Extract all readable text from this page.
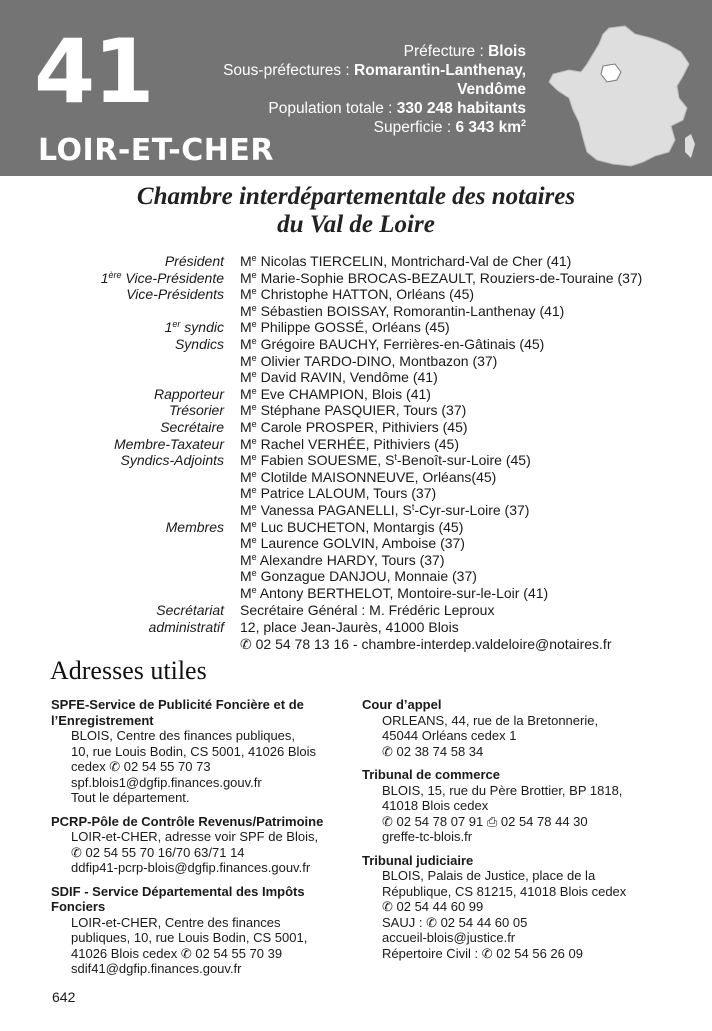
41
LOIR-ET-CHER
Préfecture : Blois
Sous-préfectures : Romarantin-Lanthenay,
Vendôme
Population totale : 330 248 habitants
Superficie : 6 343 $km^2$
Chambre interdépartementale des notaires
du Val de Loire
Président	Me Nicolas TIERCELIN, Montrichard-Val de Cher (41)
1ère Vice-Présidente	Me Marie-Sophie BROCAS-BEZAULT, Rouziers-de-Touraine (37)
Vice-Présidents	Me Christophe HATTON, Orléans (45)
Me Sébastien BOISSAY, Romorantin-Lanthenay (41)
1er syndic	Me Philippe GOSSÉ, Orléans (45)
Syndics	Me Grégoire BAUCHY, Ferrières-en-Gâtinais (45)
Me Olivier TARDO-DINO, Montbazon (37)
Me David RAVIN, Vendôme (41)
Rapporteur	Me Eve CHAMPION, Blois (41)
Trésorier	Me Stéphane PASQUIER, Tours (37)
Secrétaire	Me Carole PROSPER, Pithiviers (45)
Membre-Taxateur	Me Rachel VERHÉE, Pithiviers (45)
Syndics-Adjoints	Me Fabien SOUESME, $S^t-Benoît-sur$-Loire (45)
Me Clotilde MAISONNEUVE, Orléans(45)
Me Patrice LALOUM, Tours (37)
Me Vanessa PAGANELLI, $S^t-Cyr-sur$-Loire (37)
Membres	Me Luc BUCHETON, Montargis (45)
Me Laurence GOLVIN, Amboise (37)
Me Alexandre HARDY, Tours (37)
Me Gonzague DANJOU, Monnaie (37)
Me Antony BERTHELOT, Montoire-sur-le-Loir (41)
Secrétariat	Secrétaire Général : M. Frédéric Leproux
administratif	12, place Jean-Jaurès, 41000 Blois
✆ 02 54 78 13 16 - chambre-interdep.valdeloire@notaires.fr
Adresses utiles
SPFE-Service de Publicité Foncière et de
l’Enregistrement
BLOIS, Centre des finances publiques,
10, rue Louis Bodin, CS 5001, 41026 Blois
cedex ✆ 02 54 55 70 73
spf.blois1@dgfip.finances.gouv.fr
Tout le département.
PCRP-Pôle de Contrôle Revenus/Patrimoine
LOIR-et-CHER, adresse voir SPF de Blois,
✆ 02 54 55 70 16/70 63/71 14
ddfip41-pcrp-blois@dgfip.finances.gouv.fr
SDIF - Service Départemental des Impôts
Fonciers
LOIR-et-CHER, Centre des finances
publiques, 10, rue Louis Bodin, CS 5001,
41026 Blois cedex ✆ 02 54 55 70 39
sdif41@dgfip.finances.gouv.fr
Cour d’appel
ORLEANS, 44, rue de la Bretonnerie,
45044 Orléans cedex 1
✆ 02 38 74 58 34
Tribunal de commerce
BLOIS, 15, rue du Père Brottier, BP 1818,
41018 Blois cedex
✆ 02 54 78 07 91 ⎙ 02 54 78 44 30
greffe-tc-blois.fr
Tribunal judiciaire
BLOIS, Palais de Justice, place de la
République, CS 81215, 41018 Blois cedex
✆ 02 54 44 60 99
SAUJ : ✆ 02 54 44 60 05
accueil-blois@justice.fr
Répertoire Civil : ✆ 02 54 56 26 09
642
